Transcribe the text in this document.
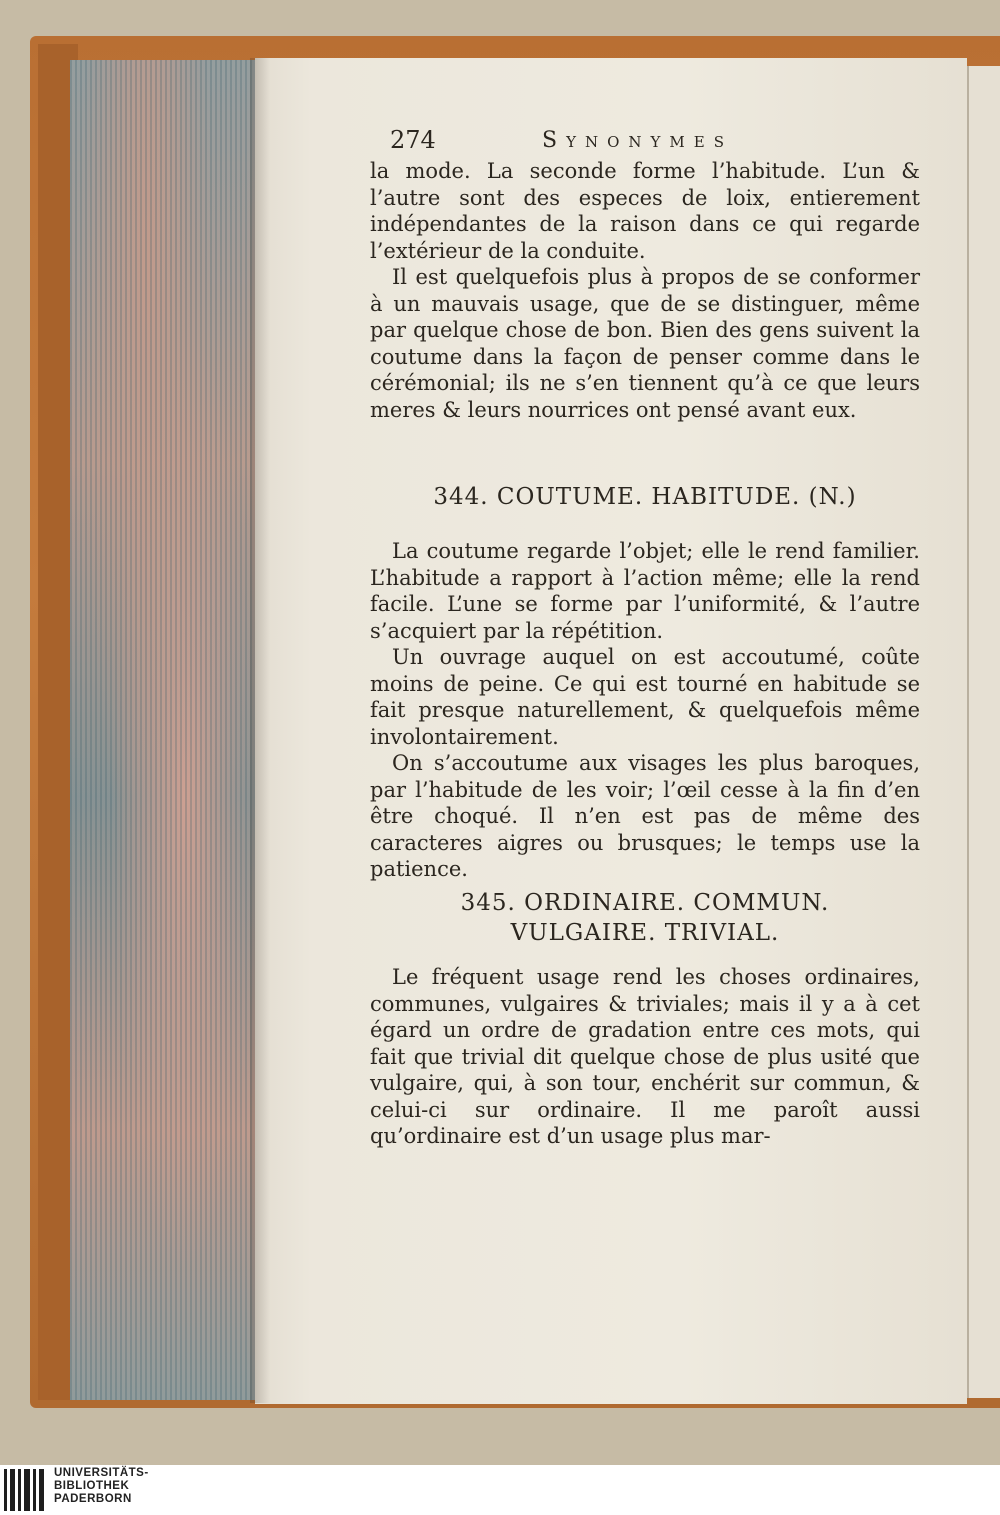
274	Synonymes

la mode. La seconde forme l’habitude. L’un & l’autre sont des especes de loix, entierement indépendantes de la raison dans ce qui regarde l’extérieur de la conduite.

Il est quelquefois plus à propos de se conformer à un mauvais usage, que de se distinguer, même par quelque chose de bon. Bien des gens suivent la coutume dans la façon de penser comme dans le cérémonial; ils ne s’en tiennent qu’à ce que leurs meres & leurs nourrices ont pensé avant eux.

344. COUTUME. HABITUDE. (N.)

La coutume regarde l’objet; elle le rend familier. L’habitude a rapport à l’action même; elle la rend facile. L’une se forme par l’uniformité, & l’autre s’acquiert par la répétition.

Un ouvrage auquel on est accoutumé, coûte moins de peine. Ce qui est tourné en habitude se fait presque naturellement, & quelquefois même involontairement.

On s’accoutume aux visages les plus baroques, par l’habitude de les voir; l’œil cesse à la fin d’en être choqué. Il n’en est pas de même des caracteres aigres ou brusques; le temps use la patience.

345. ORDINAIRE. COMMUN. VULGAIRE. TRIVIAL.

Le fréquent usage rend les choses ordinaires, communes, vulgaires & triviales; mais il y a à cet égard un ordre de gradation entre ces mots, qui fait que trivial dit quelque chose de plus usité que vulgaire, qui, à son tour, enchérit sur commun, & celui-ci sur ordinaire. Il me paroît aussi qu’ordinaire est d’un usage plus mar-

UNIVERSITÄTS-
BIBLIOTHEK
PADERBORN
